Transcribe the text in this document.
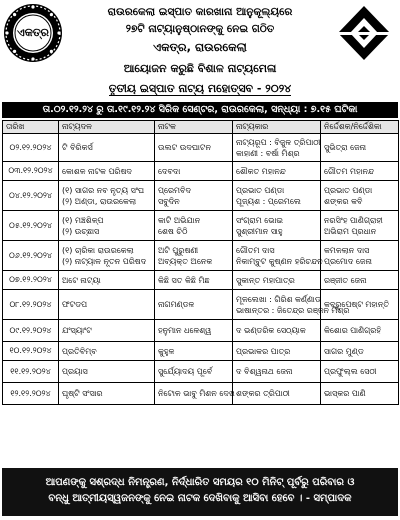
ଏକତ୍ର
ରାଉରକେଲା ଇସ୍ପାତ କାରଖାନା ଆନୁକୂଲ୍ୟରେ
୨୭ଟି ନାଟ୍ୟାନୁଷ୍ଠାନଙ୍କୁ ନେଇ ଗଠିତ
ଏକତ୍ର, ରାଉରକେଲା
ଆୟୋଜନ କରୁଛି ବିଶାଳ ନାଟ୍ୟମେଳା
ତୃତୀୟ ଇସ୍ପାତ ନାଟ୍ୟ ମହୋତ୍ସବ - ୨୦୨୪
ତା.୦୨.୧୨.୨୪ ରୁ ତା.୧୯.୧୨.୨୪ ସିରିକ ସେଣ୍ଟର, ରାଉରକେଲା, ସନ୍ଧ୍ୟା : ୭.୧୫ ଘଟିକା
ତାରିଖ	ନାଟ୍ୟଦଳ	ନାଟକ	ନାଟ୍ୟକାର	ନିର୍ଦ୍ଦେଶକ/ନିର୍ଦ୍ଦେଶିକା
୦୨.୧୨.୨୦୨୪	ଟି ବିରିକର୍ସ	ଉଲଟ ଉଦଘାଟନ	ନାଟ୍ୟରୂପ : ବିଜୁଳ ତ୍ରିପାଠୀ
କାହାଣୀ : ବର୍ଷା ମିଶ୍ର	ସୁଭିତ୍ରା ଜେନା

୦୩.୧୨.୨୦୨୪	କୋଶଳ ନାଟକ ପରିଷଦ	ଦେବଦା	ଶୌକତ ମହାନନ୍ଦ	ଗୌତମ ମହାନନ୍ଦ

୦୪.୧୨.୨୦୨୪	(୧) ସାଗର ନବ ନୃତ୍ୟ ସଂଘ
(୨) ଅଣ୍ଡା, ରାଉରକେଲା	ପ୍ରେମବିଦ
ସବୁଦିନ	ପ୍ରଭାତ ପଣ୍ଡା
ପୂଜ୍ୟଶ : ପ୍ରେମଲେ	ପ୍ରଭାତ ପଣ୍ଡା
ଶଙ୍କର କବି

୦୫.୧୨.୨୦୨୪	(୧) ମଞ୍ଚଶିଳ୍ପ
(୨) ଉଚ୍ଛାସ	କାଟି ଅଭିଯାନ
ଶେଷ ଚିଠି	ସଂଗ୍ରାମ ଭୋଇ
ସୁଶ୍ରୀମାନ ସାହୁ	ନରସିଂହ ପାଣିଗ୍ରାହୀ
ଅଭିରାମ ପ୍ରଧାନ

୦୬.୧୨.୨୦୨୪	(୧) ଚାରିକା ରାଉରକେଲା
(୨) ନାଟ୍ୟାଳ ନୂତନ ପରିଷଦ	ଅଟି ପୁରୁଷଣୀ
ଅବ୍ୟକ୍ତ ଅନେକ	ଗୌତମ ଦାସ
ନିକାମ୍ବୁଟ କୁଷ୍ଣନ ହରିଚନ୍ଦନ	କମଳଲାନ ଦାସ
ପ୍ରମୋଦ ଜେନା

୦୭.୧୨.୨୦୨୪	ଅଟେ ନାଟ୍ୟା	କିଛି ସତ କିଛି ମିଛ	ସୁକାନ୍ତ ମହାପାତ୍ର	ରଞ୍ଜୀତ ଜେନା

୦୮.୧୨.୨୦୨୪	ଫଟଡପ	ନାଗମଣ୍ଡଳ	ମୂଳଲେଖା : ଗିରିଶ କର୍ଣ୍ଣାଡ
ଭାଷାନ୍ତର : ଜିତେନ୍ଦ୍ର ରଞ୍ଜନ ମିଶ୍ର	କବ୍ରୁପେଷ୍ଟ ମହାନ୍ତି

୦୯.୧୨.୨୦୨୪	ଯଂସ୍ୟାଂଟ	ହନୁମାନ ଧଳେଶ୍ୱ	ଦ ଭଣ୍ଡରିକ ସେଠ୍ୟାକ	କିଶୋର ପାଣିଗ୍ରହି

୧୦.୧୨.୨୦୨୪	ପ୍ରତିବିମ୍ବ	କୁହୁଳ	ପ୍ରଭାକର ପାତ୍ର	ସାଗର ମୁଣ୍ଡ

୧୧.୧୨.୨୦୨୪	ପ୍ରୟାସ	ସୁର୍ଯ୍ୟୋଦୟ ପୂର୍ବେ	ଦ ବିଶ୍ୱନାଥ ଜେନା	ପ୍ରଫୁଲ୍ଲ ସେଠୀ

୧୨.୧୨.୨୦୨୪	ଘୃଷ୍ଟି ସଂସାର	ନିଟୋଳ ଭାବୁ ମିଶନ ଦେଖ	ଶଙ୍କର ତ୍ରିପାଠୀ	ଭାସ୍କର ପାଣି
ଆପଣଙ୍କୁ ସଶ୍ରଦ୍ଧ ନିମନ୍ତ୍ରଣ, ନିର୍ଦ୍ଧାରିତ ସମୟର ୧୦ ମିନିଟ୍ ପୂର୍ବରୁ ପରିବାର ଓ
ବନ୍ଧୁ ଆତ୍ମୀୟସ୍ୱଜନଙ୍କୁ ନେଇ ନାଟକ ଦେଖିବାକୁ ଆସିବା ହେବେ । - ସମ୍ପାଦକ
